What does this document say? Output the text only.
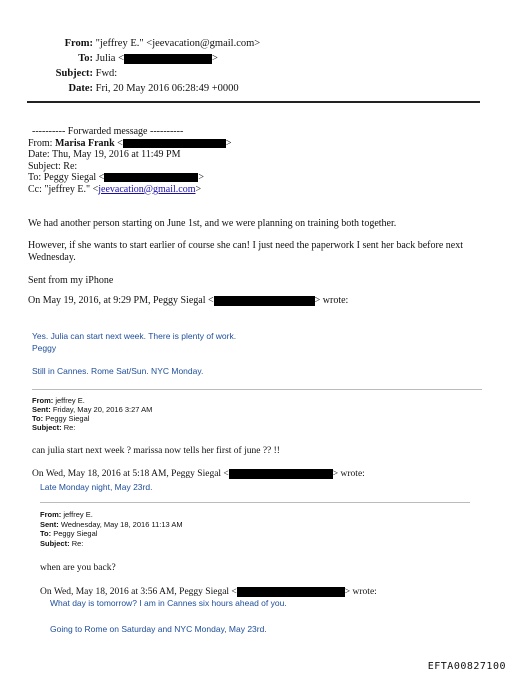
From: "jeffrey E." <jeevacation@gmail.com>
To: Julia <	>
Subject: Fwd:
Date: Fri, 20 May 2016 06:28:49 +0000
---------- Forwarded message ----------
From: Marisa Frank <	>
Date: Thu, May 19, 2016 at 11:49 PM
Subject: Re:
To: Peggy Siegal <	>
Cc: "jeffrey E." <jeevacation@gmail.com>
We had another person starting on June 1st, and we were planning on training both together.
However, if she wants to start earlier of course she can! I just need the paperwork I sent her back before next
Wednesday.
Sent from my iPhone
On May 19, 2016, at 9:29 PM, Peggy Siegal <	> wrote:
Yes. Julia can start next week. There is plenty of work.
Peggy
Still in Cannes. Rome Sat/Sun. NYC Monday.
From: jeffrey E.
Sent: Friday, May 20, 2016 3:27 AM
To: Peggy Siegal
Subject: Re:
can julia start next week ? marissa now tells her first of june ?? !!
On Wed, May 18, 2016 at 5:18 AM, Peggy Siegal <	> wrote:
Late Monday night, May 23rd.
From: jeffrey E.
Sent: Wednesday, May 18, 2016 11:13 AM
To: Peggy Siegal
Subject: Re:
when are you back?
On Wed, May 18, 2016 at 3:56 AM, Peggy Siegal <	> wrote:
What day is tomorrow? I am in Cannes six hours ahead of you.
Going to Rome on Saturday and NYC Monday, May 23rd.
EFTA00827100
